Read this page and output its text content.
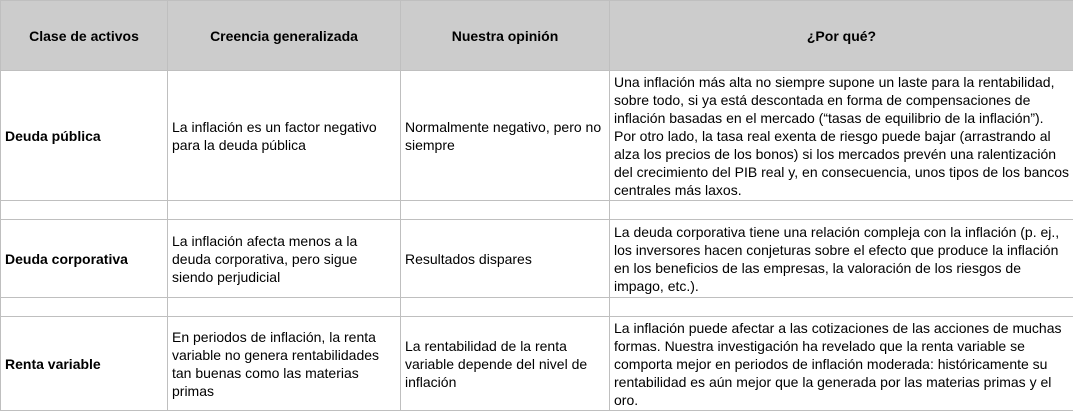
Clase de activos	Creencia generalizada	Nuestra opinión	¿Por qué?
Deuda pública	La inflación es un factor negativo para la deuda pública	Normalmente negativo, pero no siempre	Una inflación más alta no siempre supone un laste para la rentabilidad, sobre todo, si ya está descontada en forma de compensaciones de inflación basadas en el mercado (“tasas de equilibrio de la inflación”). Por otro lado, la tasa real exenta de riesgo puede bajar (arrastrando al alza los precios de los bonos) si los mercados prevén una ralentización del crecimiento del PIB real y, en consecuencia, unos tipos de los bancos centrales más laxos.

Deuda corporativa	La inflación afecta menos a la deuda corporativa, pero sigue siendo perjudicial	Resultados dispares	La deuda corporativa tiene una relación compleja con la inflación (p. ej., los inversores hacen conjeturas sobre el efecto que produce la inflación en los beneficios de las empresas, la valoración de los riesgos de impago, etc.).

Renta variable	En periodos de inflación, la renta variable no genera rentabilidades tan buenas como las materias primas	La rentabilidad de la renta variable depende del nivel de inflación	La inflación puede afectar a las cotizaciones de las acciones de muchas formas. Nuestra investigación ha revelado que la renta variable se comporta mejor en periodos de inflación moderada: históricamente su rentabilidad es aún mejor que la generada por las materias primas y el oro.
